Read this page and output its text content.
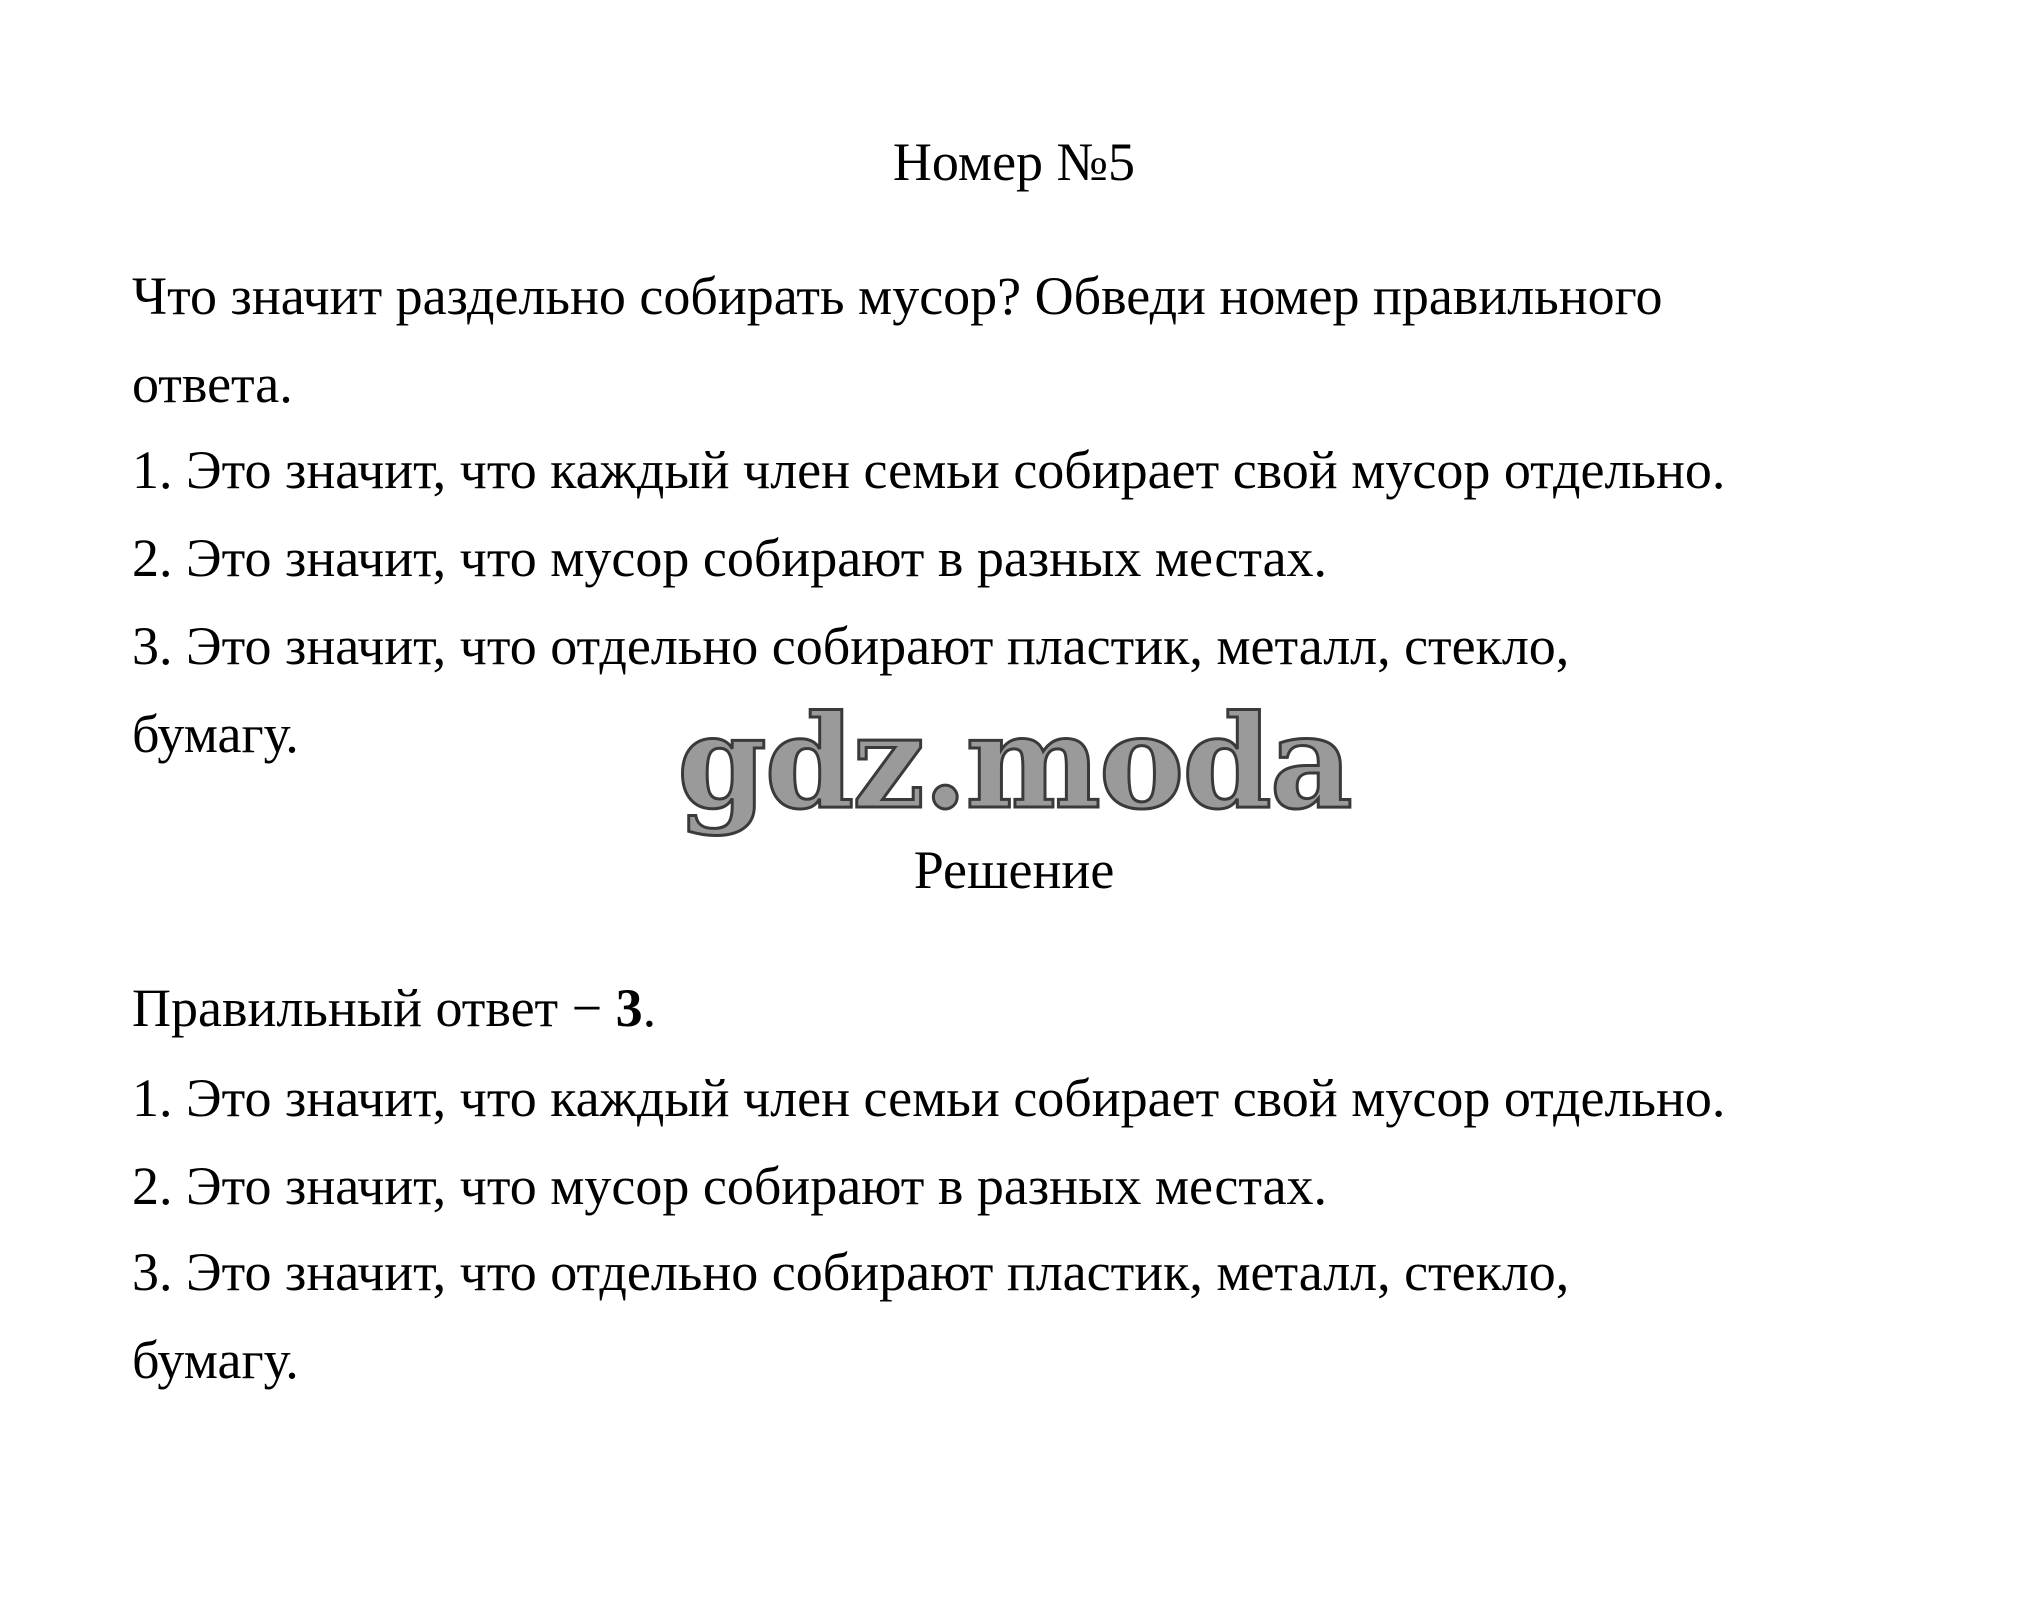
Номер №5
Что значит раздельно собирать мусор? Обведи номер правильного
ответа.
1. Это значит, что каждый член семьи собирает свой мусор отдельно.
2. Это значит, что мусор собирают в разных местах.
3. Это значит, что отдельно собирают пластик, металл, стекло,
бумагу.	gdz.moda
Решение
Правильный ответ − 3.
1. Это значит, что каждый член семьи собирает свой мусор отдельно.
2. Это значит, что мусор собирают в разных местах.
3. Это значит, что отдельно собирают пластик, металл, стекло,
бумагу.
